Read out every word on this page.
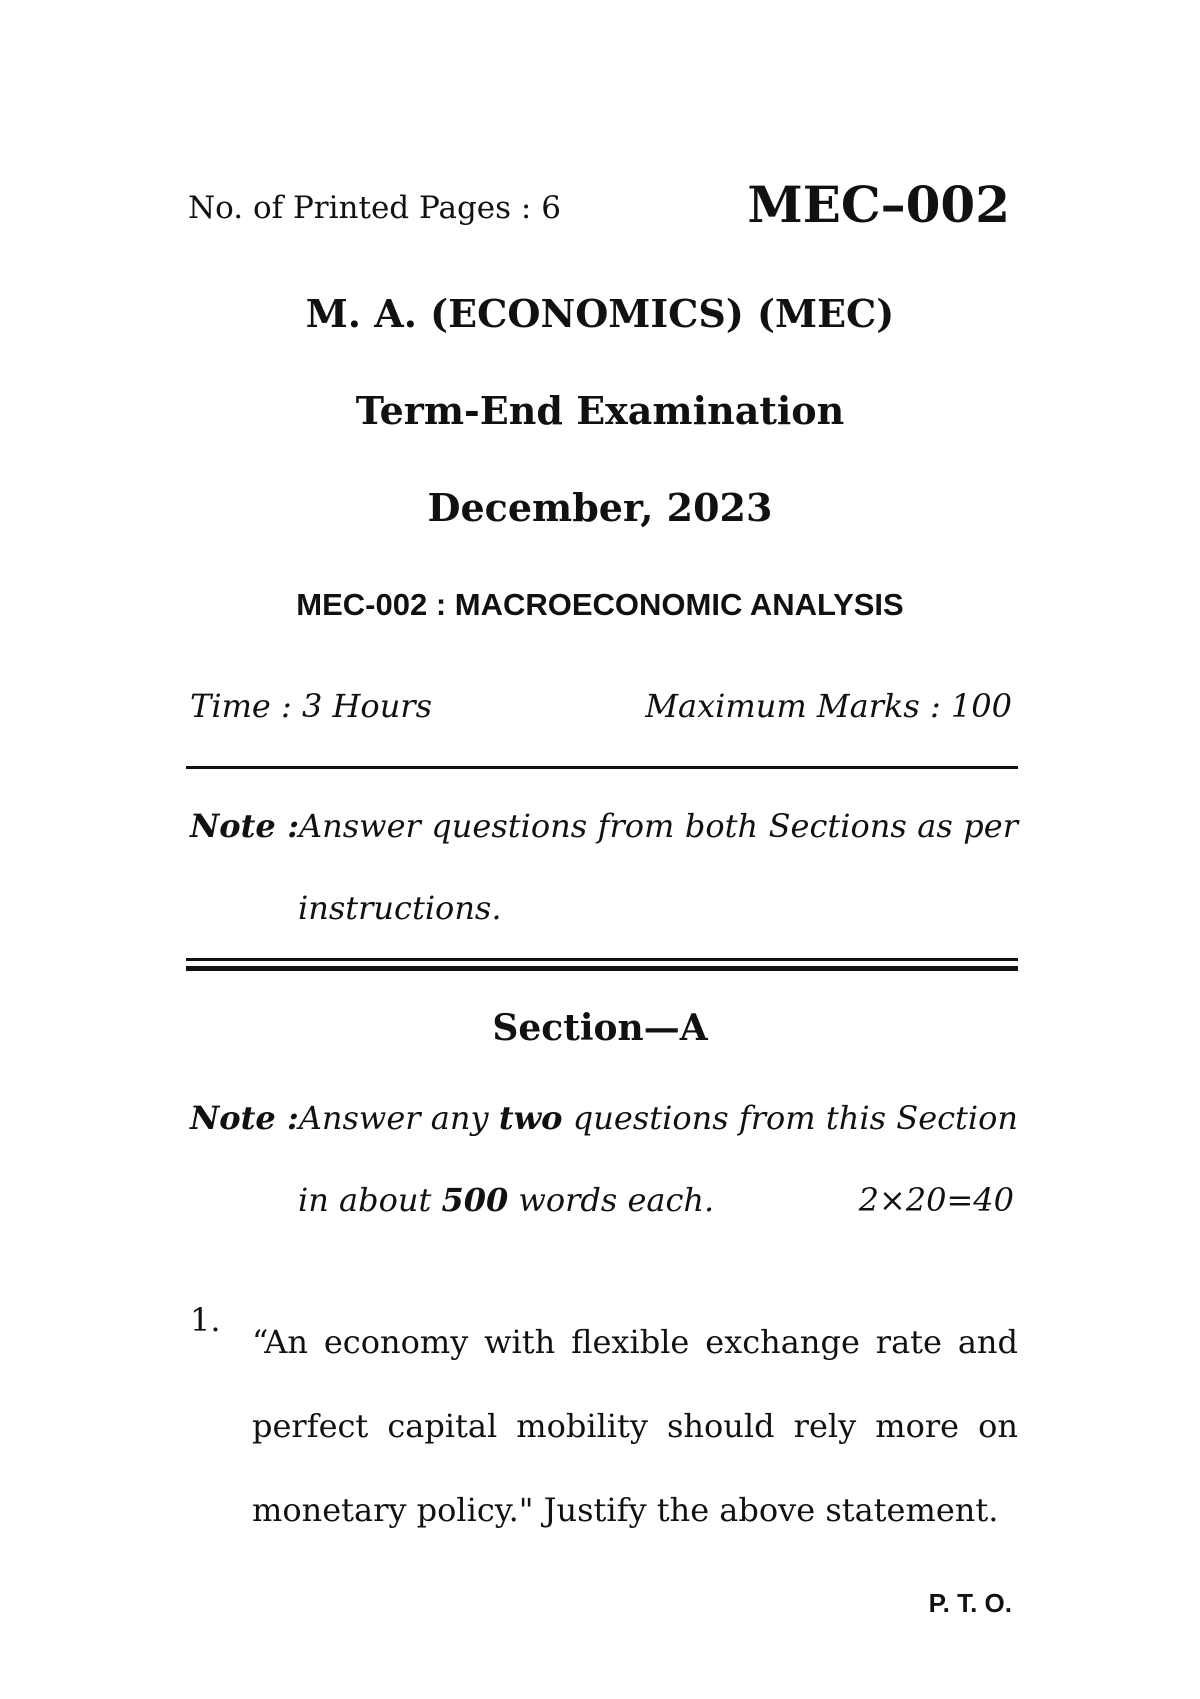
No. of Printed Pages : 6	MEC–002
M. A. (ECONOMICS) (MEC)
Term-End Examination
December, 2023
MEC-002 : MACROECONOMIC ANALYSIS
Time : 3 Hours	Maximum Marks : 100
Note :Answer questions from both Sections as per
instructions.
Section—A
Note :Answer any two questions from this Section
in about 500 words each.	2×20=40
1.
“An economy with flexible exchange rate and
perfect capital mobility should rely more on
monetary policy." Justify the above statement.
P. T. O.
